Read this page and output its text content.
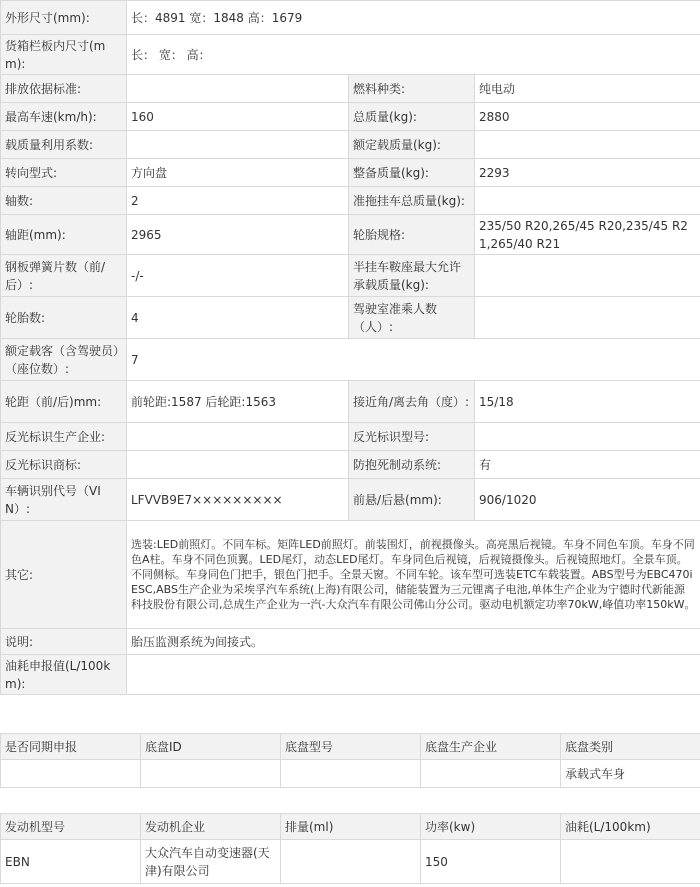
外形尺寸(mm):	长：4891 宽：1848 高：1679		
货箱栏板内尺寸(mm):	长： 宽： 高：		
排放依据标准:		燃料种类:	纯电动
最高车速(km/h):	160	总质量(kg):	2880
载质量利用系数:		额定载质量(kg):	
转向型式:	方向盘	整备质量(kg):	2293
轴数:	2	准拖挂车总质量(kg):	
轴距(mm):	2965	轮胎规格:	235/50 R20,265/45 R20,235/45 R21,265/40 R21
钢板弹簧片数（前/后）:	-/-	半挂车鞍座最大允许承载质量(kg):	
轮胎数:	4	驾驶室准乘人数（人）:	
额定载客（含驾驶员）（座位数）:	7		
轮距（前/后)mm:	前轮距:1587 后轮距:1563	接近角/离去角（度）:	15/18
反光标识生产企业:		反光标识型号:	
反光标识商标:		防抱死制动系统:	有
车辆识别代号（VIN）:	LFVVB9E7×××××××××	前悬/后悬(mm):	906/1020
其它:	选装:LED前照灯。不同车标。矩阵LED前照灯。前装围灯，前视摄像头。高亮黑后视镜。车身不同色车顶。车身不同色A柱。车身不同色顶翼。LED尾灯，动态LED尾灯。车身同色后视镜，后视镜摄像头。后视镜照地灯。全景车顶。不同侧标。车身同色门把手，银色门把手。全景天窗。不同车轮。该车型可选装ETC车载装置。ABS型号为EBC470iESC,ABS生产企业为采埃孚汽车系统(上海)有限公司，储能装置为三元锂离子电池,单体生产企业为宁德时代新能源科技股份有限公司,总成生产企业为一汽-大众汽车有限公司佛山分公司。驱动电机额定功率70kW,峰值功率150kW。		
说明:	胎压监测系统为间接式。		
油耗申报值(L/100km):			
是否同期申报	底盘ID	底盘型号	底盘生产企业	底盘类别
				承载式车身
发动机型号	发动机企业	排量(ml)	功率(kw)	油耗(L/100km)
EBN	大众汽车自动变速器(天津)有限公司		150	
